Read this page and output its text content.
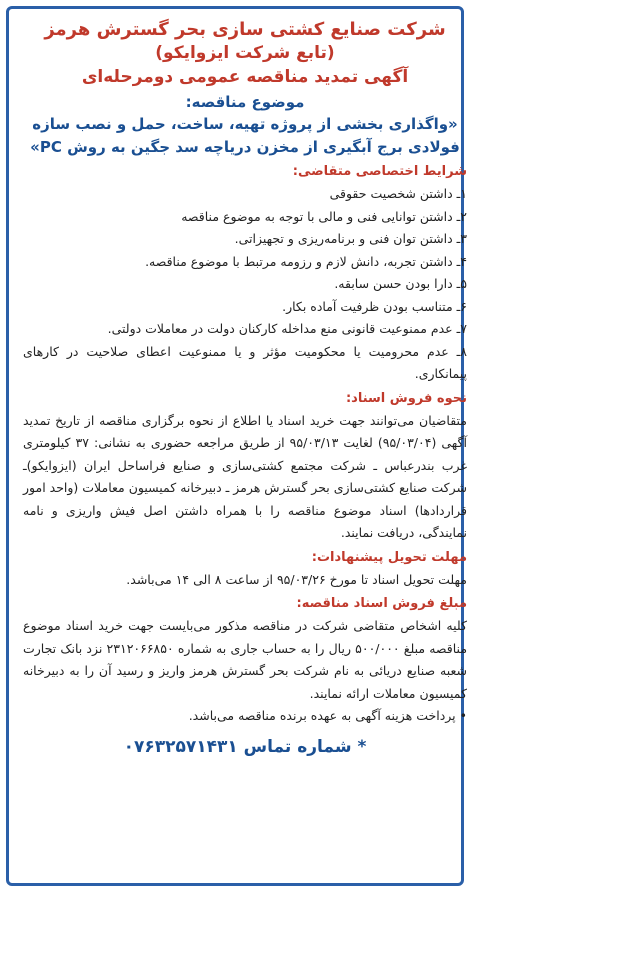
شرکت صنایع کشتی سازی بحر گسترش هرمز

(تابع شرکت ایزوایکو)

آگهی تمدید مناقصه عمومی دومرحله‌ای

موضوع مناقصه:

«واگذاری بخشی از پروژه تهیه، ساخت، حمل و نصب سازه

فولادی برج آبگیری از مخزن دریاچه سد جگین به روش PC»

شرایط اختصاصی متقاضی:

۱ـ داشتن شخصیت حقوقی
۲ـ داشتن توانایی فنی و مالی با توجه به موضوع مناقصه
۳ـ داشتن توان فنی و برنامه‌ریزی و تجهیزاتی.
۴ـ داشتن تجربه، دانش لازم و رزومه مرتبط با موضوع مناقصه.
۵ـ دارا بودن حسن سابقه.
۶ـ متناسب بودن ظرفیت آماده بکار.
۷ـ عدم ممنوعیت قانونی منع مداخله کارکنان دولت در معاملات دولتی.
۸ـ عدم محرومیت یا محکومیت مؤثر و یا ممنوعیت اعطای صلاحیت در کارهای پیمانکاری.

نحوه فروش اسناد:

متقاضیان می‌توانند جهت خرید اسناد یا اطلاع از نحوه برگزاری مناقصه از تاریخ تمدید آگهی (۹۵/۰۳/۰۴) لغایت ۹۵/۰۳/۱۳ از طریق مراجعه حضوری به نشانی: ۳۷ کیلومتری غرب بندرعباس ـ شرکت مجتمع کشتی‌سازی و صنایع فراساحل ایران (ایزوایکو)ـ شرکت صنایع کشتی‌سازی بحر گسترش هرمز ـ دبیرخانه کمیسیون معاملات (واحد امور قراردادها) اسناد موضوع مناقصه را با همراه داشتن اصل فیش واریزی و نامه نمایندگی، دریافت نمایند.

مهلت تحویل پیشنهادات:

مهلت تحویل اسناد تا مورخ ۹۵/۰۳/۲۶ از ساعت ۸ الی ۱۴ می‌باشد.

مبلغ فروش اسناد مناقصه:

کلیه اشخاص متقاضی شرکت در مناقصه مذکور می‌بایست جهت خرید اسناد موضوع مناقصه مبلغ ۵۰۰/۰۰۰ ریال را به حساب جاری به شماره ۲۳۱۲۰۶۶۸۵۰ نزد بانک تجارت شعبه صنایع دریائی به نام شرکت بحر گسترش هرمز واریز و رسید آن را به دبیرخانه کمیسیون معاملات ارائه نمایند.

• پرداخت هزینه آگهی به عهده برنده مناقصه می‌باشد.

* شماره تماس ۰۷۶۳۲۵۷۱۴۳۱
